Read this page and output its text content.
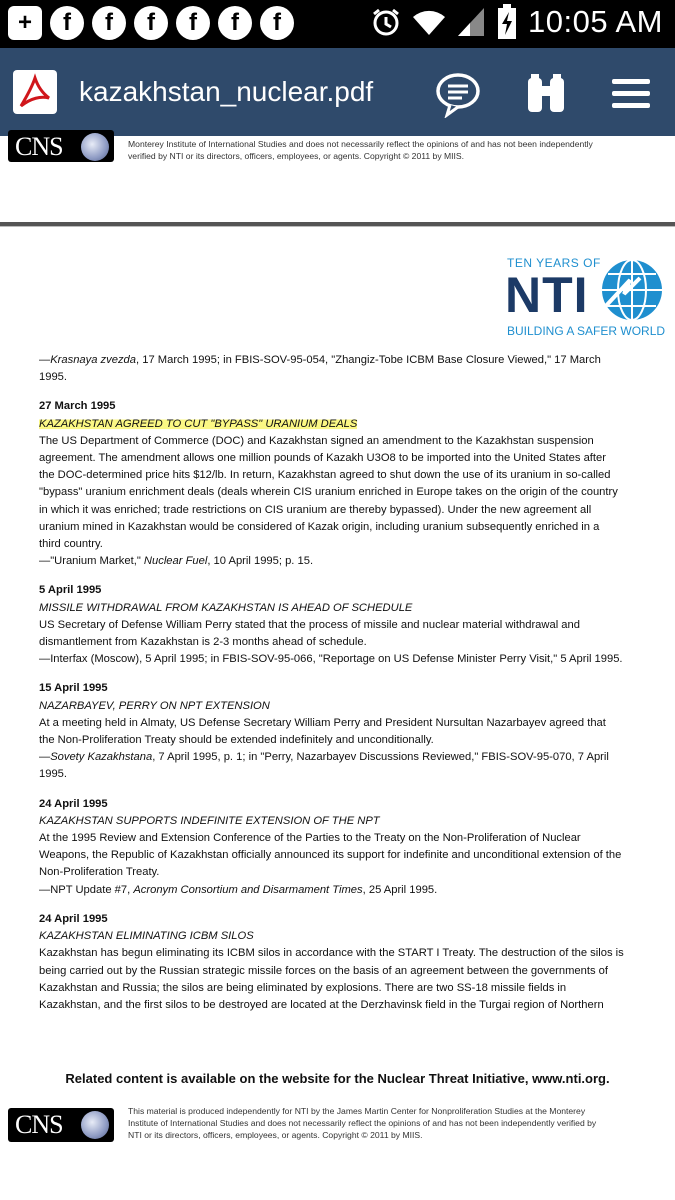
+	f	f	f	f	f	f	10:05 AM
kazakhstan_nuclear.pdf
CNS	Monterey Institute of International Studies and does not necessarily reflect the opinions of and has not been independently verified by NTI or its directors, officers, employees, or agents. Copyright © 2011 by MIIS.
TEN YEARS OF
NTI
BUILDING A SAFER WORLD

—Krasnaya zvezda, 17 March 1995; in FBIS-SOV-95-054, "Zhangiz-Tobe ICBM Base Closure Viewed," 17 March 1995.

27 March 1995

KAZAKHSTAN AGREED TO CUT "BYPASS" URANIUM DEALS

The US Department of Commerce (DOC) and Kazakhstan signed an amendment to the Kazakhstan suspension agreement. The amendment allows one million pounds of Kazakh U3O8 to be imported into the United States after the DOC-determined price hits $12/lb. In return, Kazakhstan agreed to shut down the use of its uranium in so-called "bypass" uranium enrichment deals (deals wherein CIS uranium enriched in Europe takes on the origin of the country in which it was enriched; trade restrictions on CIS uranium are thereby bypassed). Under the new agreement all uranium mined in Kazakhstan would be considered of Kazak origin, including uranium subsequently enriched in a third country.

—"Uranium Market," Nuclear Fuel, 10 April 1995; p. 15.

5 April 1995

MISSILE WITHDRAWAL FROM KAZAKHSTAN IS AHEAD OF SCHEDULE

US Secretary of Defense William Perry stated that the process of missile and nuclear material withdrawal and dismantlement from Kazakhstan is 2-3 months ahead of schedule.

—Interfax (Moscow), 5 April 1995; in FBIS-SOV-95-066, "Reportage on US Defense Minister Perry Visit," 5 April 1995.

15 April 1995

NAZARBAYEV, PERRY ON NPT EXTENSION

At a meeting held in Almaty, US Defense Secretary William Perry and President Nursultan Nazarbayev agreed that the Non-Proliferation Treaty should be extended indefinitely and unconditionally.

—Sovety Kazakhstana, 7 April 1995, p. 1; in "Perry, Nazarbayev Discussions Reviewed," FBIS-SOV-95-070, 7 April 1995.

24 April 1995

KAZAKHSTAN SUPPORTS INDEFINITE EXTENSION OF THE NPT

At the 1995 Review and Extension Conference of the Parties to the Treaty on the Non-Proliferation of Nuclear Weapons, the Republic of Kazakhstan officially announced its support for indefinite and unconditional extension of the Non-Proliferation Treaty.

—NPT Update #7, Acronym Consortium and Disarmament Times, 25 April 1995.

24 April 1995

KAZAKHSTAN ELIMINATING ICBM SILOS

Kazakhstan has begun eliminating its ICBM silos in accordance with the START I Treaty. The destruction of the silos is being carried out by the Russian strategic missile forces on the basis of an agreement between the governments of Kazakhstan and Russia; the silos are being eliminated by explosions. There are two SS-18 missile fields in Kazakhstan, and the first silos to be destroyed are located at the Derzhavinsk field in the Turgai region of Northern

Related content is available on the website for the Nuclear Threat Initiative, www.nti.org.
CNS	This material is produced independently for NTI by the James Martin Center for Nonproliferation Studies at the Monterey Institute of International Studies and does not necessarily reflect the opinions of and has not been independently verified by NTI or its directors, officers, employees, or agents. Copyright © 2011 by MIIS.
